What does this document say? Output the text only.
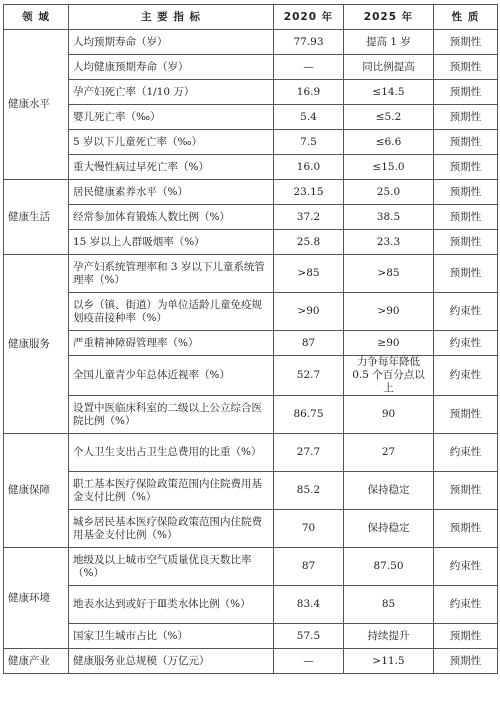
领 域	主 要 指 标	2020 年	2025 年	性 质
健康水平	人均预期寿命（岁）	77.93	提高 1 岁	预期性
	人均健康预期寿命（岁）	—	同比例提高	预期性
	孕产妇死亡率（1/10 万）	16.9	≤14.5	预期性
	婴儿死亡率（‰）	5.4	≤5.2	预期性
	5 岁以下儿童死亡率（‰）	7.5	≤6.6	预期性
	重大慢性病过早死亡率（%）	16.0	≤15.0	预期性
健康生活	居民健康素养水平（%）	23.15	25.0	预期性
	经常参加体育锻炼人数比例（%）	37.2	38.5	预期性
	15 岁以上人群吸烟率（%）	25.8	23.3	预期性
健康服务	孕产妇系统管理率和 3 岁以下儿童系统管理率（%）	>85	>85	预期性
	以乡（镇、街道）为单位适龄儿童免疫规划疫苗接种率（%）	>90	>90	约束性
	严重精神障碍管理率（%）	87	≥90	约束性
	全国儿童青少年总体近视率（%）	52.7	力争每年降低 0.5 个百分点以上	约束性
	设置中医临床科室的二级以上公立综合医院比例（%）	86.75	90	预期性
健康保障	个人卫生支出占卫生总费用的比重（%）	27.7	27	约束性
	职工基本医疗保险政策范围内住院费用基金支付比例（%）	85.2	保持稳定	预期性
	城乡居民基本医疗保险政策范围内住院费用基金支付比例（%）	70	保持稳定	预期性
健康环境	地级及以上城市空气质量优良天数比率（%）	87	87.50	约束性
	地表水达到或好于Ⅲ类水体比例（%）	83.4	85	约束性
	国家卫生城市占比（%）	57.5	持续提升	预期性
健康产业	健康服务业总规模（万亿元）	—	>11.5	预期性
